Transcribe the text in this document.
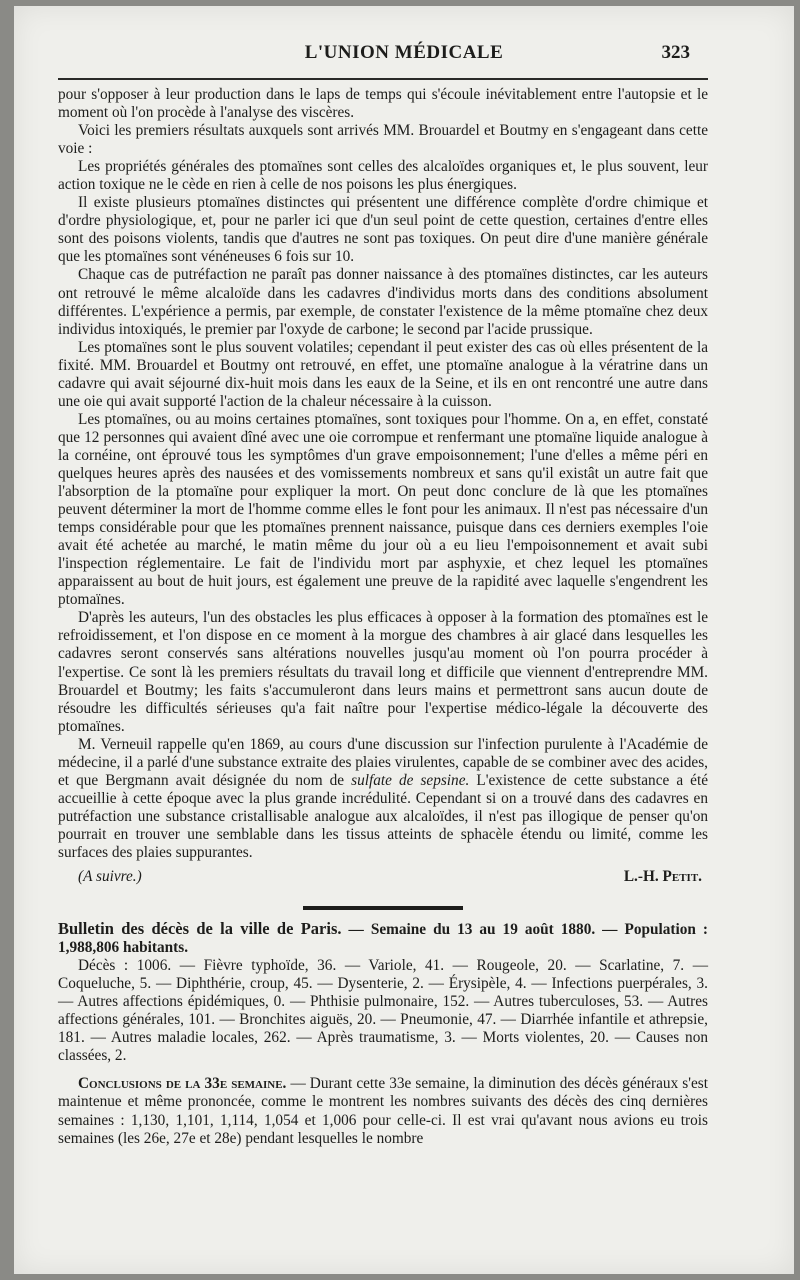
L'UNION MÉDICALE	323

pour s'opposer à leur production dans le laps de temps qui s'écoule inévitablement entre l'autopsie et le moment où l'on procède à l'analyse des viscères.

Voici les premiers résultats auxquels sont arrivés MM. Brouardel et Boutmy en s'engageant dans cette voie :

Les propriétés générales des ptomaïnes sont celles des alcaloïdes organiques et, le plus souvent, leur action toxique ne le cède en rien à celle de nos poisons les plus énergiques.

Il existe plusieurs ptomaïnes distinctes qui présentent une différence complète d'ordre chimique et d'ordre physiologique, et, pour ne parler ici que d'un seul point de cette question, certaines d'entre elles sont des poisons violents, tandis que d'autres ne sont pas toxiques. On peut dire d'une manière générale que les ptomaïnes sont vénéneuses 6 fois sur 10.

Chaque cas de putréfaction ne paraît pas donner naissance à des ptomaïnes distinctes, car les auteurs ont retrouvé le même alcaloïde dans les cadavres d'individus morts dans des conditions absolument différentes. L'expérience a permis, par exemple, de constater l'existence de la même ptomaïne chez deux individus intoxiqués, le premier par l'oxyde de carbone; le second par l'acide prussique.

Les ptomaïnes sont le plus souvent volatiles; cependant il peut exister des cas où elles présentent de la fixité. MM. Brouardel et Boutmy ont retrouvé, en effet, une ptomaïne analogue à la vératrine dans un cadavre qui avait séjourné dix-huit mois dans les eaux de la Seine, et ils en ont rencontré une autre dans une oie qui avait supporté l'action de la chaleur nécessaire à la cuisson.

Les ptomaïnes, ou au moins certaines ptomaïnes, sont toxiques pour l'homme. On a, en effet, constaté que 12 personnes qui avaient dîné avec une oie corrompue et renfermant une ptomaïne liquide analogue à la cornéine, ont éprouvé tous les symptômes d'un grave empoisonnement; l'une d'elles a même péri en quelques heures après des nausées et des vomissements nombreux et sans qu'il existât un autre fait que l'absorption de la ptomaïne pour expliquer la mort. On peut donc conclure de là que les ptomaïnes peuvent déterminer la mort de l'homme comme elles le font pour les animaux. Il n'est pas nécessaire d'un temps considérable pour que les ptomaïnes prennent naissance, puisque dans ces derniers exemples l'oie avait été achetée au marché, le matin même du jour où a eu lieu l'empoisonnement et avait subi l'inspection réglementaire. Le fait de l'individu mort par asphyxie, et chez lequel les ptomaïnes apparaissent au bout de huit jours, est également une preuve de la rapidité avec laquelle s'engendrent les ptomaïnes.

D'après les auteurs, l'un des obstacles les plus efficaces à opposer à la formation des ptomaïnes est le refroidissement, et l'on dispose en ce moment à la morgue des chambres à air glacé dans lesquelles les cadavres seront conservés sans altérations nouvelles jusqu'au moment où l'on pourra procéder à l'expertise. Ce sont là les premiers résultats du travail long et difficile que viennent d'entreprendre MM. Brouardel et Boutmy; les faits s'accumuleront dans leurs mains et permettront sans aucun doute de résoudre les difficultés sérieuses qu'a fait naître pour l'expertise médico-légale la découverte des ptomaïnes.

M. Verneuil rappelle qu'en 1869, au cours d'une discussion sur l'infection purulente à l'Académie de médecine, il a parlé d'une substance extraite des plaies virulentes, capable de se combiner avec des acides, et que Bergmann avait désignée du nom de sulfate de sepsine. L'existence de cette substance a été accueillie à cette époque avec la plus grande incrédulité. Cependant si on a trouvé dans des cadavres en putréfaction une substance cristallisable analogue aux alcaloïdes, il n'est pas illogique de penser qu'on pourrait en trouver une semblable dans les tissus atteints de sphacèle étendu ou limité, comme les surfaces des plaies suppurantes.

(A suivre.)	L.-H. Petit.

Bulletin des décès de la ville de Paris. — Semaine du 13 au 19 août 1880. — Population : 1,988,806 habitants.

Décès : 1006. — Fièvre typhoïde, 36. — Variole, 41. — Rougeole, 20. — Scarlatine, 7. — Coqueluche, 5. — Diphthérie, croup, 45. — Dysenterie, 2. — Érysipèle, 4. — Infections puerpérales, 3. — Autres affections épidémiques, 0. — Phthisie pulmonaire, 152. — Autres tuberculoses, 53. — Autres affections générales, 101. — Bronchites aiguës, 20. — Pneumonie, 47. — Diarrhée infantile et athrepsie, 181. — Autres maladie locales, 262. — Après traumatisme, 3. — Morts violentes, 20. — Causes non classées, 2.

Conclusions de la 33e semaine. — Durant cette 33e semaine, la diminution des décès généraux s'est maintenue et même prononcée, comme le montrent les nombres suivants des décès des cinq dernières semaines : 1,130, 1,101, 1,114, 1,054 et 1,006 pour celle-ci. Il est vrai qu'avant nous avions eu trois semaines (les 26e, 27e et 28e) pendant lesquelles le nombre
